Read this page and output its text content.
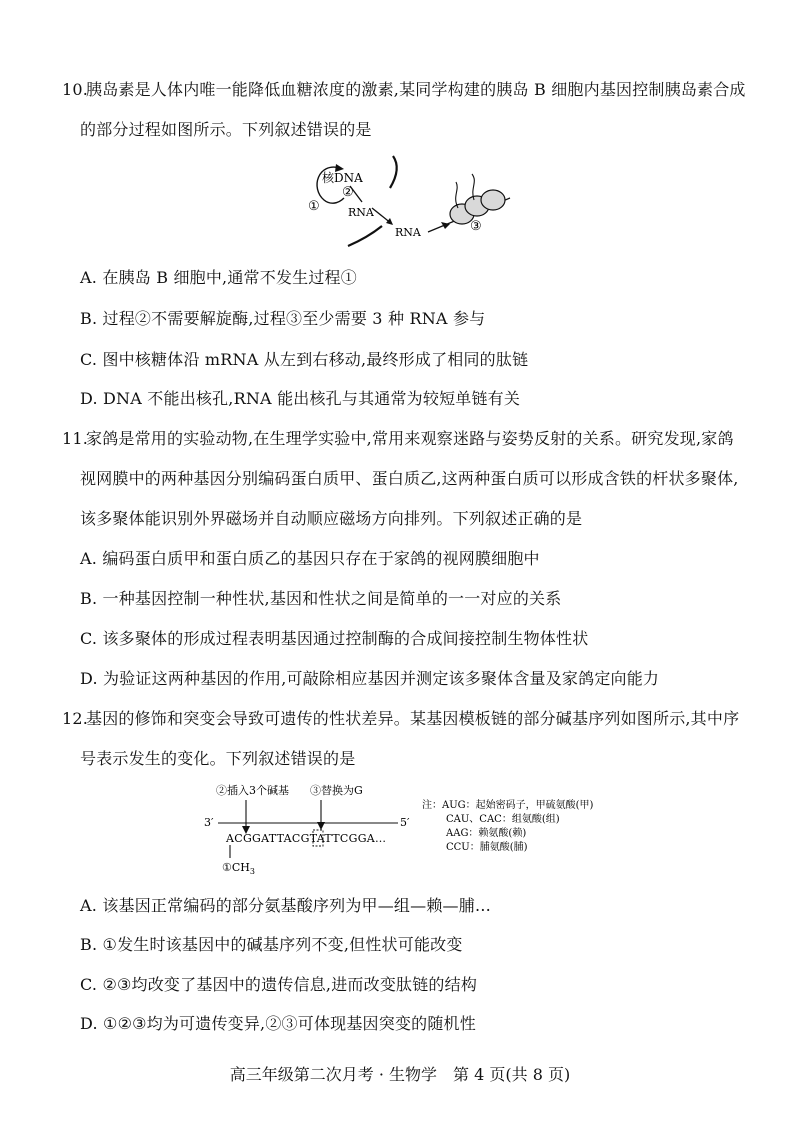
10.胰岛素是人体内唯一能降低血糖浓度的激素,某同学构建的胰岛 B 细胞内基因控制胰岛素合成
的部分过程如图所示。下列叙述错误的是
核DNA
①
②
RNA
RNA	③
A. 在胰岛 B 细胞中,通常不发生过程①
B. 过程②不需要解旋酶,过程③至少需要 3 种 RNA 参与
C. 图中核糖体沿 mRNA 从左到右移动,最终形成了相同的肽链
D. DNA 不能出核孔,RNA 能出核孔与其通常为较短单链有关
11.家鸽是常用的实验动物,在生理学实验中,常用来观察迷路与姿势反射的关系。研究发现,家鸽
视网膜中的两种基因分别编码蛋白质甲、蛋白质乙,这两种蛋白质可以形成含铁的杆状多聚体,
该多聚体能识别外界磁场并自动顺应磁场方向排列。下列叙述正确的是
A. 编码蛋白质甲和蛋白质乙的基因只存在于家鸽的视网膜细胞中
B. 一种基因控制一种性状,基因和性状之间是简单的一一对应的关系
C. 该多聚体的形成过程表明基因通过控制酶的合成间接控制生物体性状
D. 为验证这两种基因的作用,可敲除相应基因并测定该多聚体含量及家鸽定向能力
12.基因的修饰和突变会导致可遗传的性状差异。某基因模板链的部分碱基序列如图所示,其中序
号表示发生的变化。下列叙述错误的是
②插入3个碱基 ③替换为G
3′	5′
ACGGATTACGTATTCGGA…
$①CH_3$
注：AUG：起始密码子，甲硫氨酸(甲)
CAU、CAC：组氨酸(组)
AAG：赖氨酸(赖)
CCU：脯氨酸(脯)
A. 该基因正常编码的部分氨基酸序列为甲—组—赖—脯…
B. ①发生时该基因中的碱基序列不变,但性状可能改变
C. ②③均改变了基因中的遗传信息,进而改变肽链的结构
D. ①②③均为可遗传变异,②③可体现基因突变的随机性
高三年级第二次月考 · 生物学　第 4 页(共 8 页)
